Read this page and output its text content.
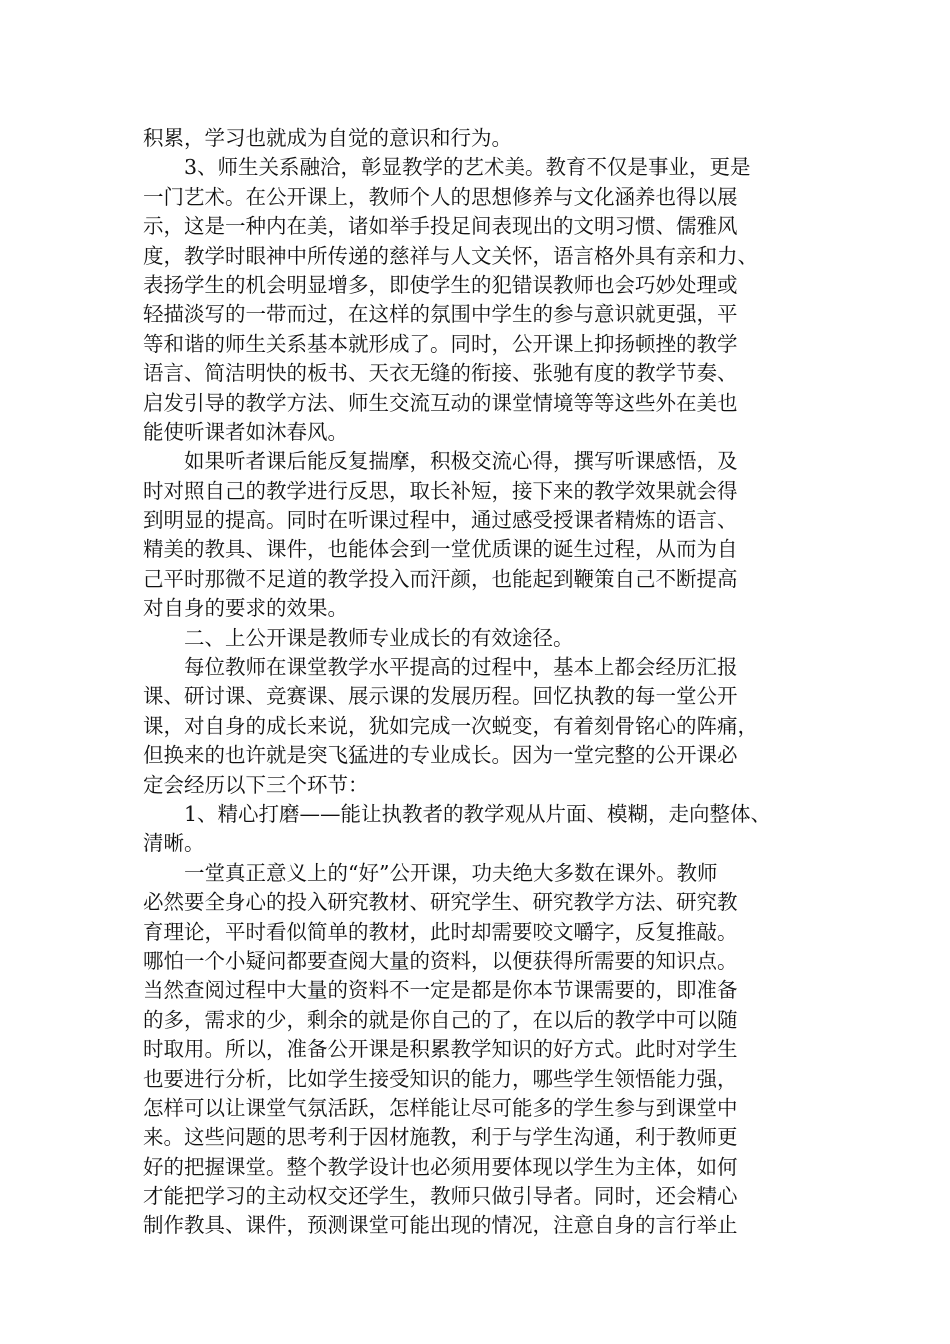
积累，学习也就成为自觉的意识和行为。
　　3、师生关系融洽，彰显教学的艺术美。教育不仅是事业，更是
一门艺术。在公开课上，教师个人的思想修养与文化涵养也得以展
示，这是一种内在美，诸如举手投足间表现出的文明习惯、儒雅风
度，教学时眼神中所传递的慈祥与人文关怀，语言格外具有亲和力、
表扬学生的机会明显增多，即使学生的犯错误教师也会巧妙处理或
轻描淡写的一带而过，在这样的氛围中学生的参与意识就更强，平
等和谐的师生关系基本就形成了。同时，公开课上抑扬顿挫的教学
语言、简洁明快的板书、天衣无缝的衔接、张驰有度的教学节奏、
启发引导的教学方法、师生交流互动的课堂情境等等这些外在美也
能使听课者如沐春风。
　　如果听者课后能反复揣摩，积极交流心得，撰写听课感悟，及
时对照自己的教学进行反思，取长补短，接下来的教学效果就会得
到明显的提高。同时在听课过程中，通过感受授课者精炼的语言、
精美的教具、课件，也能体会到一堂优质课的诞生过程，从而为自
己平时那微不足道的教学投入而汗颜，也能起到鞭策自己不断提高
对自身的要求的效果。
　　二、上公开课是教师专业成长的有效途径。
　　每位教师在课堂教学水平提高的过程中，基本上都会经历汇报
课、研讨课、竞赛课、展示课的发展历程。回忆执教的每一堂公开
课，对自身的成长来说，犹如完成一次蜕变，有着刻骨铭心的阵痛，
但换来的也许就是突飞猛进的专业成长。因为一堂完整的公开课必
定会经历以下三个环节：
　　1、精心打磨——能让执教者的教学观从片面、模糊，走向整体、
清晰。
　　一堂真正意义上的“好”公开课，功夫绝大多数在课外。教师
必然要全身心的投入研究教材、研究学生、研究教学方法、研究教
育理论，平时看似简单的教材，此时却需要咬文嚼字，反复推敲。
哪怕一个小疑问都要查阅大量的资料，以便获得所需要的知识点。
当然查阅过程中大量的资料不一定是都是你本节课需要的，即准备
的多，需求的少，剩余的就是你自己的了，在以后的教学中可以随
时取用。所以，准备公开课是积累教学知识的好方式。此时对学生
也要进行分析，比如学生接受知识的能力，哪些学生领悟能力强，
怎样可以让课堂气氛活跃，怎样能让尽可能多的学生参与到课堂中
来。这些问题的思考利于因材施教，利于与学生沟通，利于教师更
好的把握课堂。整个教学设计也必须用要体现以学生为主体，如何
才能把学习的主动权交还学生，教师只做引导者。同时，还会精心
制作教具、课件，预测课堂可能出现的情况，注意自身的言行举止
